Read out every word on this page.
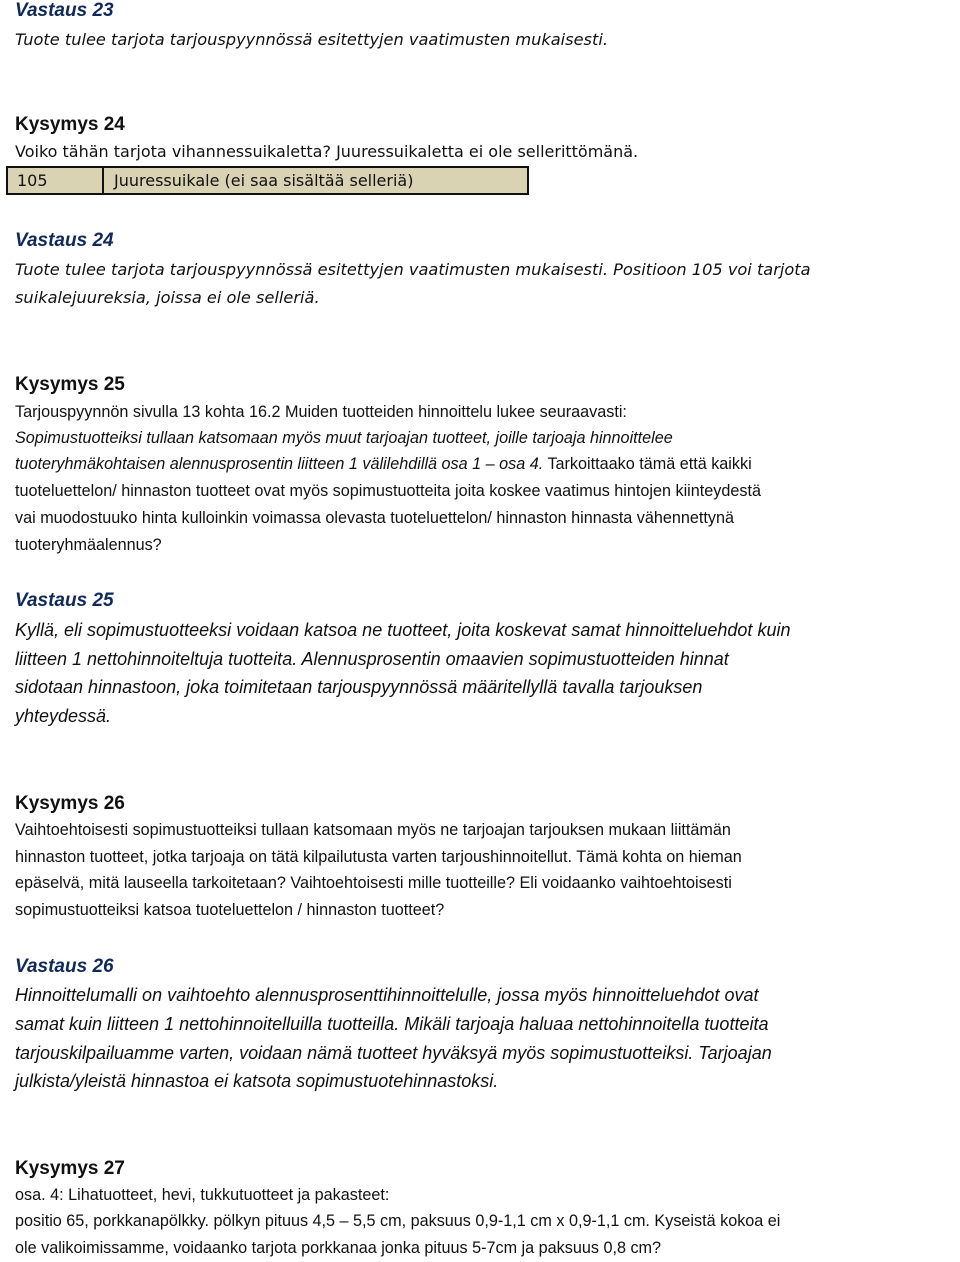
Vastaus 23
Tuote tulee tarjota tarjouspyynnössä esitettyjen vaatimusten mukaisesti.
Kysymys 24
Voiko tähän tarjota vihannessuikaletta? Juuressuikaletta ei ole sellerittömänä.
105	Juuressuikale (ei saa sisältää selleriä)
Vastaus 24
Tuote tulee tarjota tarjouspyynnössä esitettyjen vaatimusten mukaisesti. Positioon 105 voi tarjota
suikalejuureksia, joissa ei ole selleriä.
Kysymys 25
Tarjouspyynnön sivulla 13 kohta 16.2 Muiden tuotteiden hinnoittelu lukee seuraavasti:
Sopimustuotteiksi tullaan katsomaan myös muut tarjoajan tuotteet, joille tarjoaja hinnoittelee
tuoteryhmäkohtaisen alennusprosentin liitteen 1 välilehdillä osa 1 – osa 4. Tarkoittaako tämä että kaikki
tuoteluettelon/ hinnaston tuotteet ovat myös sopimustuotteita joita koskee vaatimus hintojen kiinteydestä
vai muodostuuko hinta kulloinkin voimassa olevasta tuoteluettelon/ hinnaston hinnasta vähennettynä
tuoteryhmäalennus?
Vastaus 25
Kyllä, eli sopimustuotteeksi voidaan katsoa ne tuotteet, joita koskevat samat hinnoitteluehdot kuin
liitteen 1 nettohinnoiteltuja tuotteita. Alennusprosentin omaavien sopimustuotteiden hinnat
sidotaan hinnastoon, joka toimitetaan tarjouspyynnössä määritellyllä tavalla tarjouksen
yhteydessä.
Kysymys 26
Vaihtoehtoisesti sopimustuotteiksi tullaan katsomaan myös ne tarjoajan tarjouksen mukaan liittämän
hinnaston tuotteet, jotka tarjoaja on tätä kilpailutusta varten tarjoushinnoitellut. Tämä kohta on hieman
epäselvä, mitä lauseella tarkoitetaan? Vaihtoehtoisesti mille tuotteille? Eli voidaanko vaihtoehtoisesti
sopimustuotteiksi katsoa tuoteluettelon / hinnaston tuotteet?
Vastaus 26
Hinnoittelumalli on vaihtoehto alennusprosenttihinnoittelulle, jossa myös hinnoitteluehdot ovat
samat kuin liitteen 1 nettohinnoitelluilla tuotteilla. Mikäli tarjoaja haluaa nettohinnoitella tuotteita
tarjouskilpailuamme varten, voidaan nämä tuotteet hyväksyä myös sopimustuotteiksi. Tarjoajan
julkista/yleistä hinnastoa ei katsota sopimustuotehinnastoksi.
Kysymys 27
osa. 4: Lihatuotteet, hevi, tukkutuotteet ja pakasteet:
positio 65, porkkanapölkky. pölkyn pituus 4,5 – 5,5 cm, paksuus 0,9-1,1 cm x 0,9-1,1 cm. Kyseistä kokoa ei
ole valikoimissamme, voidaanko tarjota porkkanaa jonka pituus 5-7cm ja paksuus 0,8 cm?
